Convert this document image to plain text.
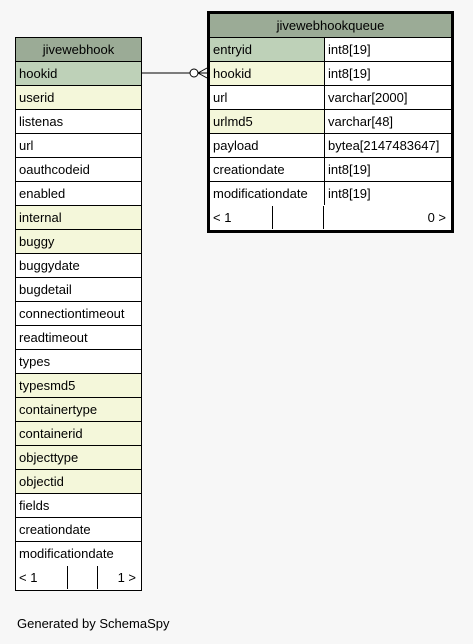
jivewebhook
hookid
userid
listenas
url
oauthcodeid
enabled
internal
buggy
buggydate
bugdetail
connectiontimeout
readtimeout
types
typesmd5
containertype
containerid
objecttype
objectid
fields
creationdate
modificationdate
< 1	1 >
jivewebhookqueue
entryid	int8[19]
hookid	int8[19]
url	varchar[2000]
urlmd5	varchar[48]
payload	bytea[2147483647]
creationdate	int8[19]
modificationdate	int8[19]
< 1	0 >
Generated by SchemaSpy
